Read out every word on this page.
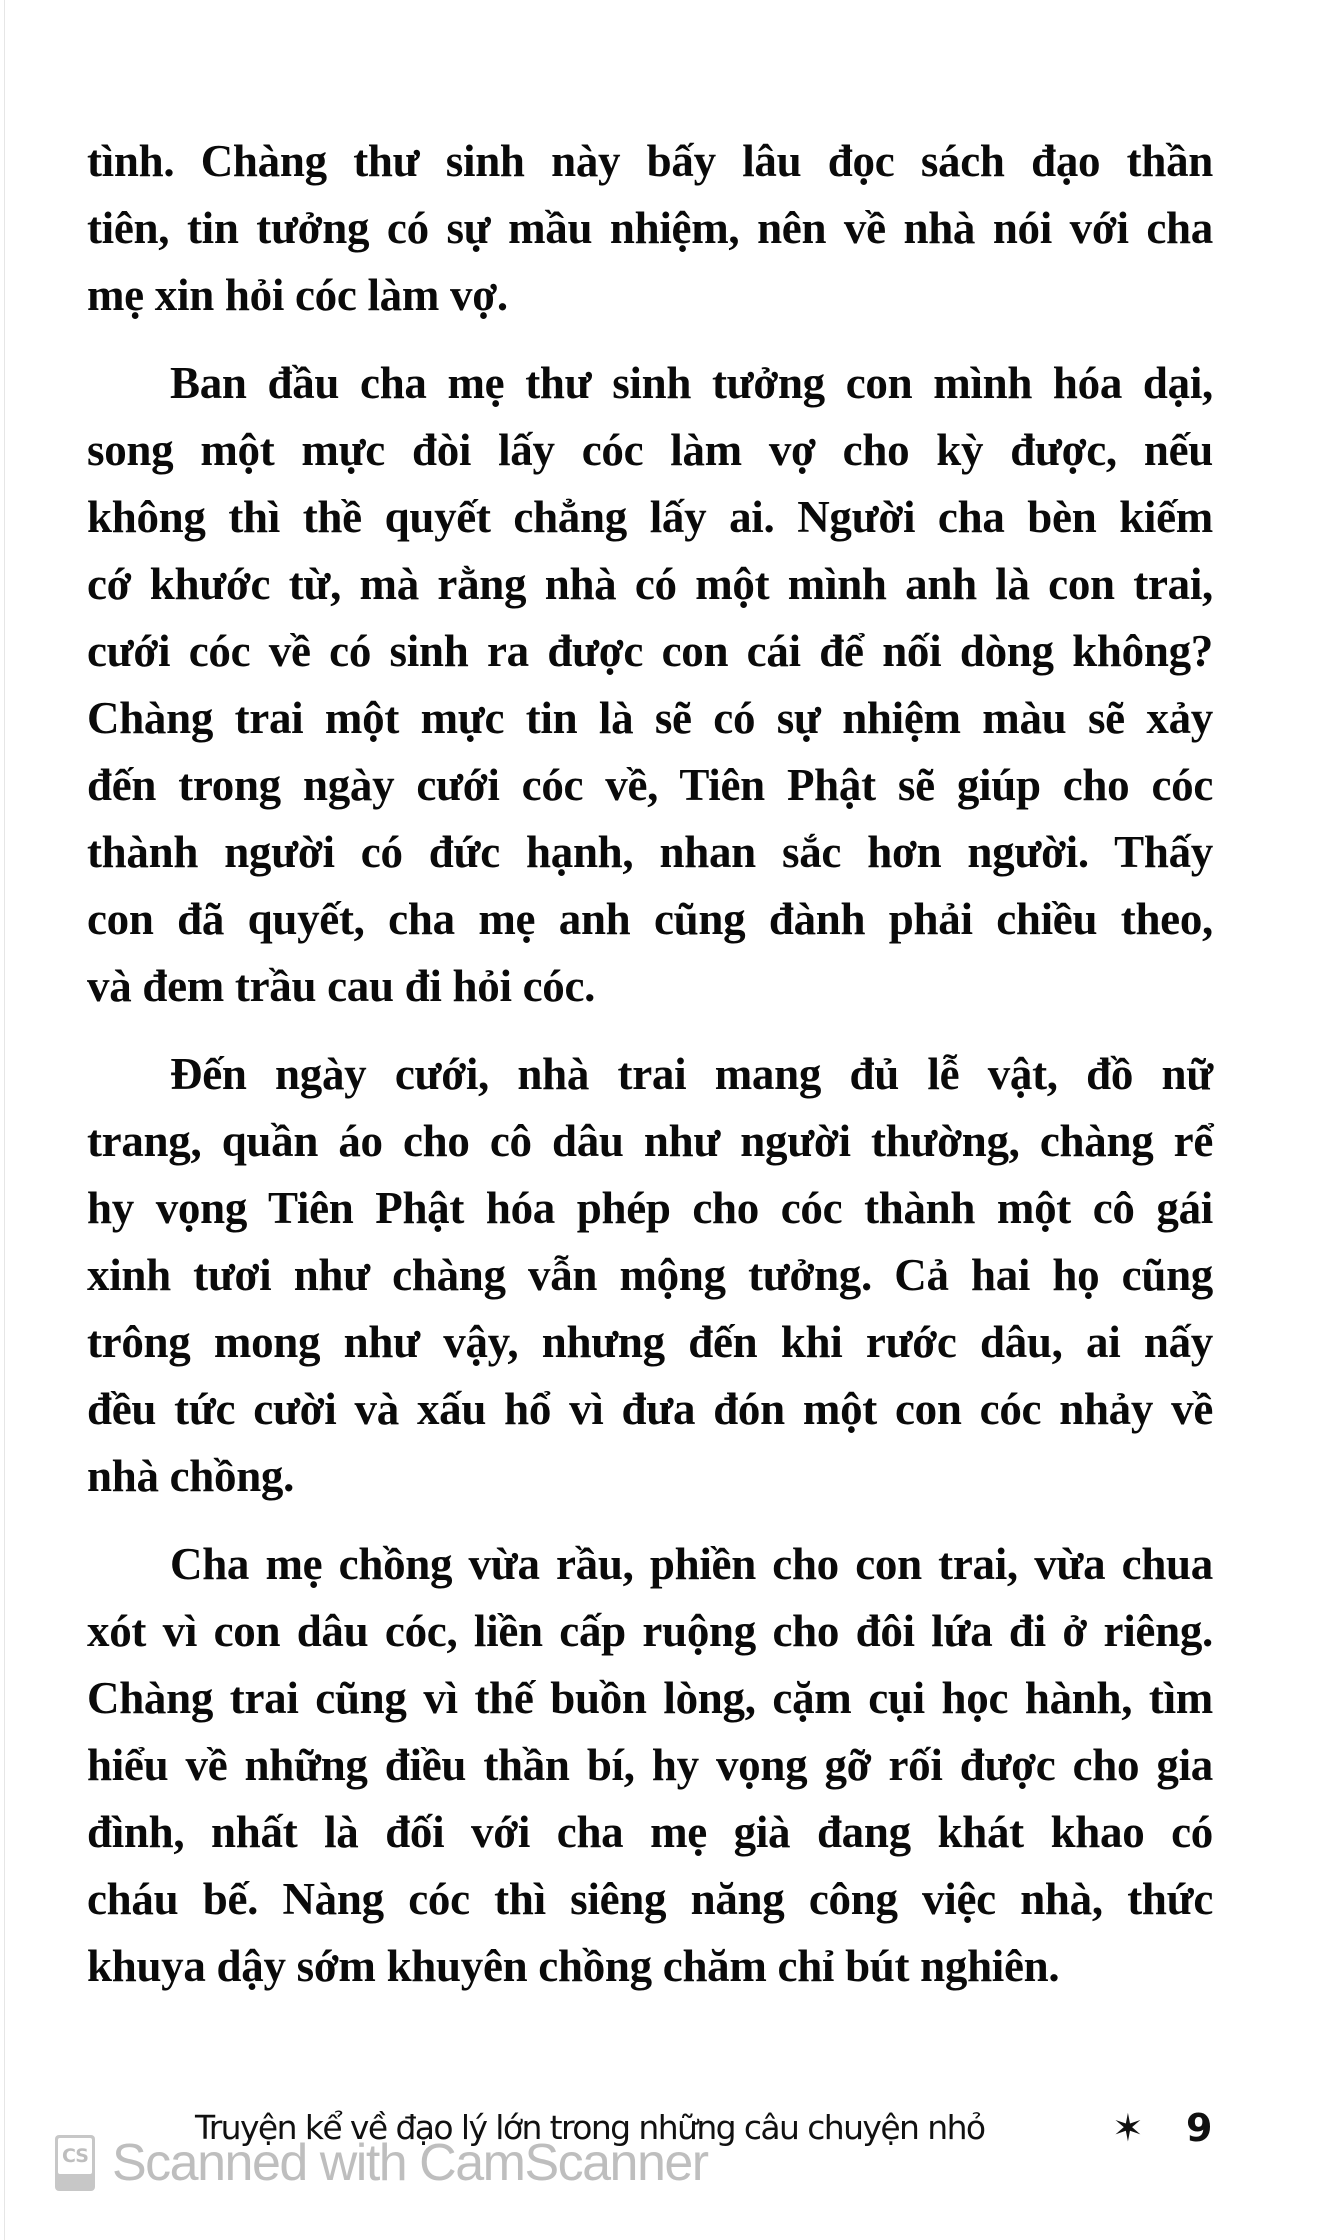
tình. Chàng thư sinh này bấy lâu đọc sách đạo thần
tiên, tin tưởng có sự mầu nhiệm, nên về nhà nói với cha
mẹ xin hỏi cóc làm vợ.
Ban đầu cha mẹ thư sinh tưởng con mình hóa dại,
song một mực đòi lấy cóc làm vợ cho kỳ được, nếu
không thì thề quyết chẳng lấy ai. Người cha bèn kiếm
cớ khước từ, mà rằng nhà có một mình anh là con trai,
cưới cóc về có sinh ra được con cái để nối dòng không?
Chàng trai một mực tin là sẽ có sự nhiệm màu sẽ xảy
đến trong ngày cưới cóc về, Tiên Phật sẽ giúp cho cóc
thành người có đức hạnh, nhan sắc hơn người. Thấy
con đã quyết, cha mẹ anh cũng đành phải chiều theo,
và đem trầu cau đi hỏi cóc.
Đến ngày cưới, nhà trai mang đủ lễ vật, đồ nữ
trang, quần áo cho cô dâu như người thường, chàng rể
hy vọng Tiên Phật hóa phép cho cóc thành một cô gái
xinh tươi như chàng vẫn mộng tưởng. Cả hai họ cũng
trông mong như vậy, nhưng đến khi rước dâu, ai nấy
đều tức cười và xấu hổ vì đưa đón một con cóc nhảy về
nhà chồng.
Cha mẹ chồng vừa rầu, phiền cho con trai, vừa chua
xót vì con dâu cóc, liền cấp ruộng cho đôi lứa đi ở riêng.
Chàng trai cũng vì thế buồn lòng, cặm cụi học hành, tìm
hiểu về những điều thần bí, hy vọng gỡ rối được cho gia
đình, nhất là đối với cha mẹ già đang khát khao có
cháu bế. Nàng cóc thì siêng năng công việc nhà, thức
khuya dậy sớm khuyên chồng chăm chỉ bút nghiên.
Truyện kể về đạo lý lớn trong những câu chuyện nhỏ	✶ 9
CS Scanned with CamScanner
